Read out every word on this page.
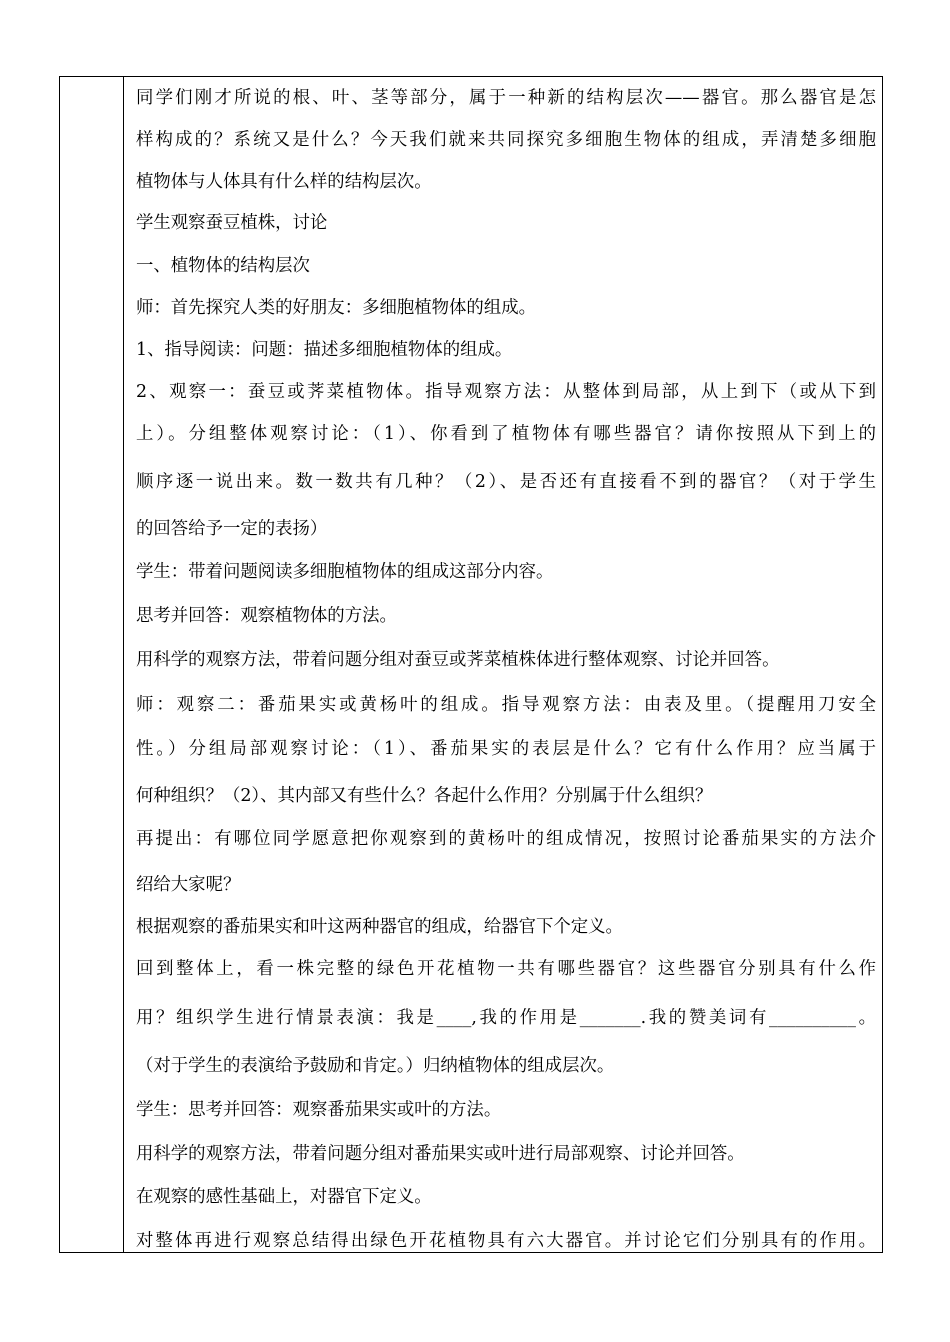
同学们刚才所说的根、叶、茎等部分，属于一种新的结构层次——器官。那么器官是怎
样构成的？系统又是什么？今天我们就来共同探究多细胞生物体的组成，弄清楚多细胞
植物体与人体具有什么样的结构层次。
学生观察蚕豆植株，讨论
一、植物体的结构层次
师：首先探究人类的好朋友：多细胞植物体的组成。
1、指导阅读：问题：描述多细胞植物体的组成。
2、观察一：蚕豆或荠菜植物体。指导观察方法：从整体到局部，从上到下（或从下到
上）。分组整体观察讨论：（1）、你看到了植物体有哪些器官？请你按照从下到上的
顺序逐一说出来。数一数共有几种？（2）、是否还有直接看不到的器官？（对于学生
的回答给予一定的表扬）
学生：带着问题阅读多细胞植物体的组成这部分内容。
思考并回答：观察植物体的方法。
用科学的观察方法，带着问题分组对蚕豆或荠菜植株体进行整体观察、讨论并回答。
师：观察二：番茄果实或黄杨叶的组成。指导观察方法：由表及里。（提醒用刀安全
性。）分组局部观察讨论：（1）、番茄果实的表层是什么？它有什么作用？应当属于
何种组织？（2）、其内部又有些什么？各起什么作用？分别属于什么组织？
再提出：有哪位同学愿意把你观察到的黄杨叶的组成情况，按照讨论番茄果实的方法介
绍给大家呢？
根据观察的番茄果实和叶这两种器官的组成，给器官下个定义。
回到整体上，看一株完整的绿色开花植物一共有哪些器官？这些器官分别具有什么作
用？组织学生进行情景表演：我是____,我的作用是_______.我的赞美词有__________。
（对于学生的表演给予鼓励和肯定。）归纳植物体的组成层次。
学生：思考并回答：观察番茄果实或叶的方法。
用科学的观察方法，带着问题分组对番茄果实或叶进行局部观察、讨论并回答。
在观察的感性基础上，对器官下定义。
对整体再进行观察总结得出绿色开花植物具有六大器官。并讨论它们分别具有的作用。
